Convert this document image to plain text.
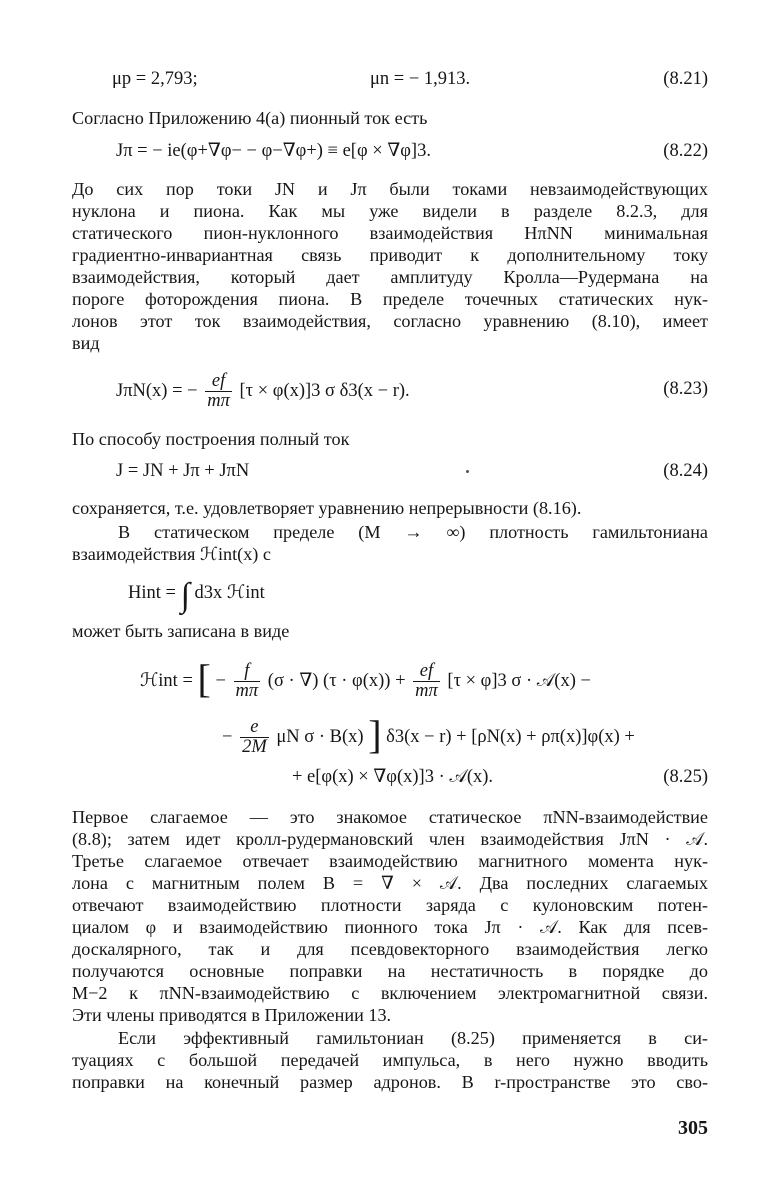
μp = 2,793;	μn = − 1,913.	(8.21)
Согласно Приложению 4(а) пионный ток есть
Jπ = − ie(φ+∇φ− − φ−∇φ+) ≡ e[φ × ∇φ]3.	(8.22)
До сих пор токи JN и Jπ были токами невзаимодействующих
нуклона и пиона. Как мы уже видели в разделе 8.2.3, для
статического пион-нуклонного взаимодействия HπNN минимальная
градиентно-инвариантная связь приводит к дополнительному току
взаимодействия, который дает амплитуду Кролла—Рудермана на
пороге фоторождения пиона. В пределе точечных статических нук-
лонов этот ток взаимодействия, согласно уравнению (8.10), имеет
вид
JπN(x) = − $\frac{ef}{m\pi} [\tau \times \varphi(x)]3$ σ δ3(x − r).	(8.23)
По способу построения полный ток
J = JN + Jπ + JπN	(8.24)
сохраняется, т.е. удовлетворяет уравнению непрерывности (8.16).
В статическом пределе (M → ∞) плотность гамильтониана
взаимодействия ℋint(x) с
Hint = ∫ d3x ℋint
может быть записана в виде
ℋint = [ − $\frac{f}{m\pi} (\sigma$ · ∇) $(\tau \cdot \varphi(x)) + \frac{ef}{m\pi} [\tau \times \varphi]3$ σ · 𝒜(x) −
− $\frac{e}{2M}$ μN σ · B(x) ] δ3(x − r) + [ρN(x) + ρπ(x)]φ(x) +
+ e[φ(x) × ∇φ(x)]3 · 𝒜(x).	(8.25)
Первое слагаемое — это знакомое статическое πNN-взаимодействие
(8.8); затем идет кролл-рудермановский член взаимодействия JπN · 𝒜.
Третье слагаемое отвечает взаимодействию магнитного момента нук-
лона с магнитным полем B = ∇ × 𝒜. Два последних слагаемых
отвечают взаимодействию плотности заряда с кулоновским потен-
циалом φ и взаимодействию пионного тока Jπ · 𝒜. Как для псев-
доскалярного, так и для псевдовекторного взаимодействия легко
получаются основные поправки на нестатичность в порядке до
M−2 к πNN-взаимодействию с включением электромагнитной связи.
Эти члены приводятся в Приложении 13.
Если эффективный гамильтониан (8.25) применяется в си-
туациях с большой передачей импульса, в него нужно вводить
поправки на конечный размер адронов. В r-пространстве это сво-
305
